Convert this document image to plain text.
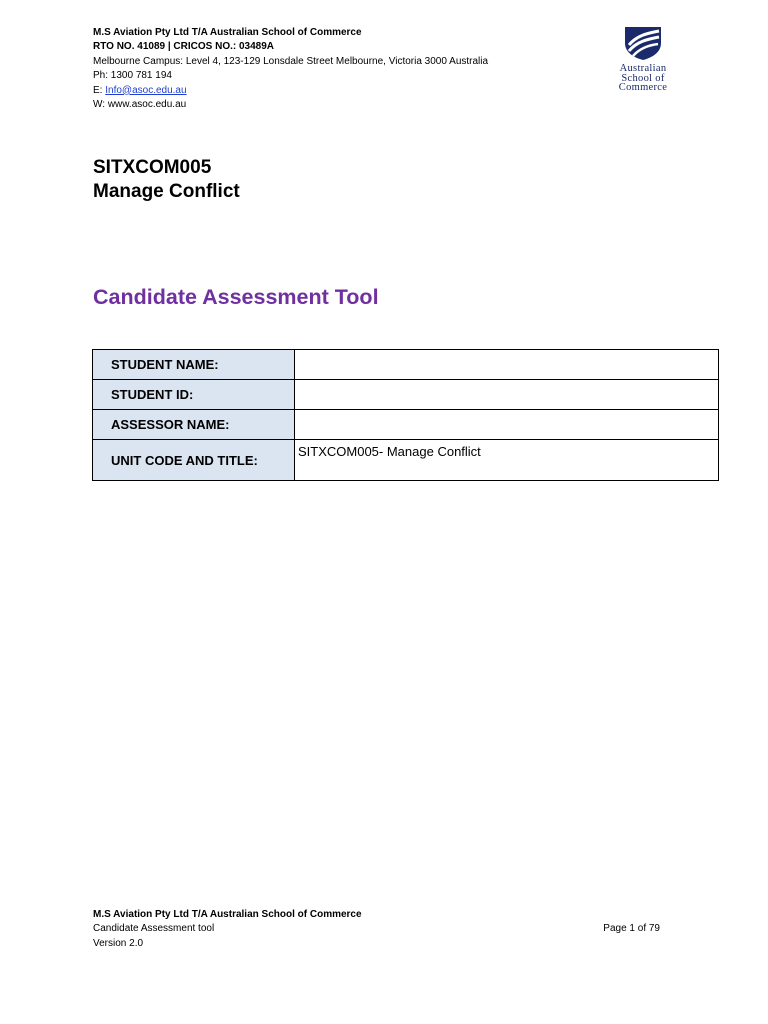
M.S Aviation Pty Ltd T/A Australian School of Commerce
RTO NO. 41089 | CRICOS NO.: 03489A
Melbourne Campus: Level 4, 123-129 Lonsdale Street Melbourne, Victoria 3000 Australia
Ph: 1300 781 194
E: Info@asoc.edu.au
W: www.asoc.edu.au
Australian
School of
Commerce
SITXCOM005
Manage Conflict
Candidate Assessment Tool
STUDENT NAME:	
STUDENT ID:	
ASSESSOR NAME:	
UNIT CODE AND TITLE:	SITXCOM005- Manage Conflict
M.S Aviation Pty Ltd T/A Australian School of Commerce
Candidate Assessment tool	Page 1 of 79
Version 2.0
